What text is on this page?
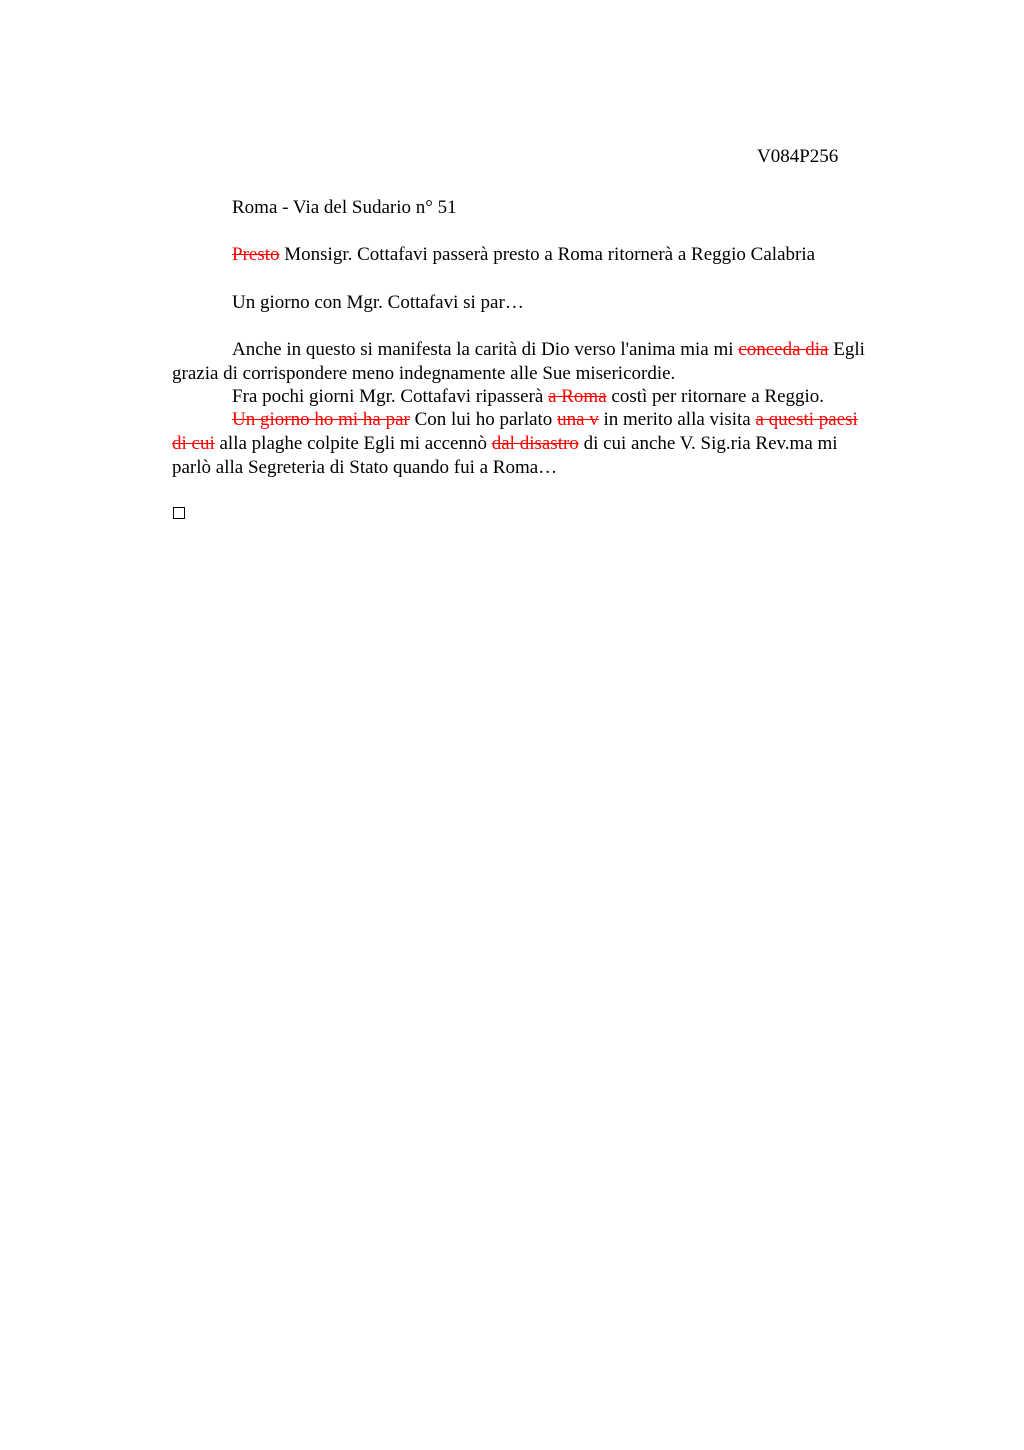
V084P256
Roma - Via del Sudario n° 51
Presto Monsigr. Cottafavi passerà presto a Roma ritornerà a Reggio Calabria
Un giorno con Mgr. Cottafavi si par…
Anche in questo si manifesta la carità di Dio verso l'anima mia mi conceda dia Egli
grazia di corrispondere meno indegnamente alle Sue misericordie.
Fra pochi giorni Mgr. Cottafavi ripasserà a Roma costì per ritornare a Reggio.
Un giorno ho mi ha par Con lui ho parlato una v in merito alla visita a questi paesi
di cui alla plaghe colpite Egli mi accennò dal disastro di cui anche V. Sig.ria Rev.ma mi
parlò alla Segreteria di Stato quando fui a Roma…
